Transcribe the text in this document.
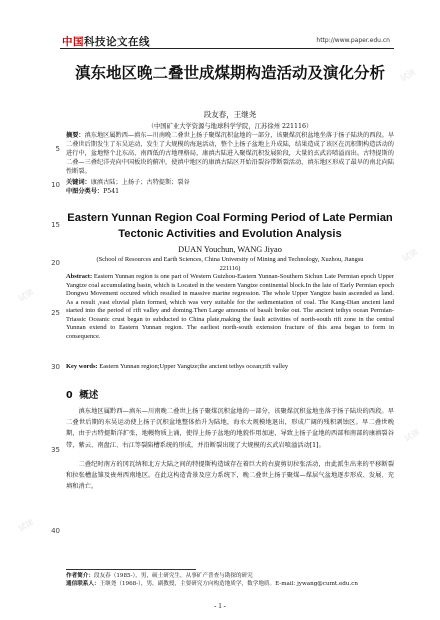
中国科技论文在线	http://www.paper.edu.cn
试读
试读
试读
试读
试读
5
10
15
20
25
30
35
40
滇东地区晚二叠世成煤期构造活动及演化分析
段友春，王继尧
（中国矿业大学资源与地球科学学院，江苏徐州 221116）
摘要：滇东地区属黔西—滇东—川南晚二叠世上扬子聚煤沉积盆地的一部分，该聚煤沉积盆地坐落于扬子陆块的西段。早二叠世后期发生了东吴运动，发生了大规模的海退活动，整个上扬子盆地上升成陆，结果造成了该区在沉积期构造活动的进行中，盆地整个北东高、南西低的古地理格局，康滇古陆进入聚煤沉积发展阶段，大量的玄武岩喷溢而出。古特提斯的二叠—三叠纪洋壳向中国板块的俯冲，使滇中地区的康滇古陆区开始沿裂谷带断裂活动，滇东地区形成了最早的南北向陆性断裂。
关键词：康滇古陆；上扬子；古特提斯；裂谷
中图分类号：P541
Eastern Yunnan Region Coal Forming Period of Late Permian Tectonic Activities and Evolution Analysis
DUAN Youchun, WANG Jiyao
(School of Resources and Earth Sciences, China University of Mining and Technology, Xuzhou, Jiangsu 221116)
Abstract: Eastern Yunnan region is one part of Western Guizhou-Eastern Yunnan-Southern Sichun Late Permian epoch Upper Yangtze coal accumulating basin, which is Located in the western Yangtze continental block.In the late of Early Permian epoch Dongwu Movement occured which resulted in massive marine regression. The whole Upper Yangtze basin ascended as land. As a result ,vast eluvial plain formed, which was very suitable for the sedimentation of coal. The Kang-Dian ancient land started into the period of rift valley and doming.Then Large amounts of basalt broke out. The ancient tethys ocean Permian-Triassic Oceanic crust began to subducted to China plate,making the fault activities of north-south rift zone in the central Yunnan extend to Eastern Yunnan region. The earliest north-south extension fracture of this area began to form in consequence.
Key words: Eastern Yunnan region;Upper Yangtze;the ancient tethys ocean;rift valley
0 概述

滇东地区属黔西—滇东—川南晚二叠世上扬子聚煤沉积盆地的一部分，该聚煤沉积盆地坐落于扬子陆块的西段。早二叠世后期的东吴运动使上扬子沉积盆地整体抬升为陆地，海水大规模地退出，形成广阔的残积剥蚀区。早二叠世晚期，由于古特提斯洋扩张，地幔物质上涌，使得上扬子盆地的地貌作用加速，导致上扬子盆地的西部和南部的康滇裂谷带，紫云、南盘江、右江等裂陷槽系统的形成，并沿断裂出现了大规模的玄武岩喷溢活动[1]。

二叠纪时南方的冈瓦纳和北方大陆之间的特提斯构造域存在着巨大的右旋剪切拉张活动，由此派生出来的平移断裂和拉张槽盆雏及贵州西南地区。在此这构造背景及应力系统下，晚二叠世上扬子聚煤—煤层气盆地逐步形成、发展、充填和消亡。

作者简介：段友春（1985-），男，硕士研究生，从事矿产普查与勘探的研究
通信联系人：王继尧（1968-），男，副教授，主要研究方向构造地质学，数学地质。E-mail: jywang@cumt.edu.cn
- 1 -
